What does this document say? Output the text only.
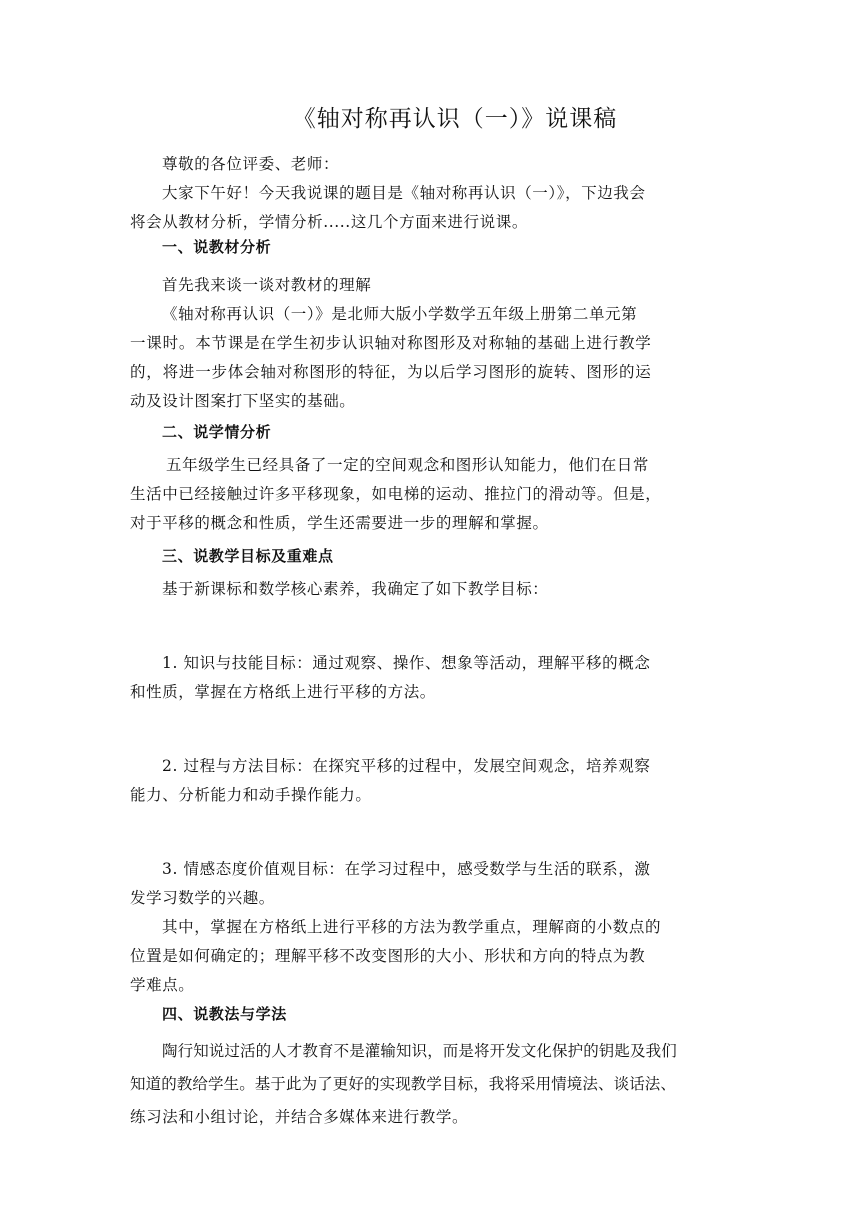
《轴对称再认识（一）》说课稿
尊敬的各位评委、老师：
大家下午好！今天我说课的题目是《轴对称再认识（一）》，下边我会
将会从教材分析，学情分析.....这几个方面来进行说课。
一、说教材分析
首先我来谈一谈对教材的理解
《轴对称再认识（一）》是北师大版小学数学五年级上册第二单元第
一课时。本节课是在学生初步认识轴对称图形及对称轴的基础上进行教学
的，将进一步体会轴对称图形的特征，为以后学习图形的旋转、图形的运
动及设计图案打下坚实的基础。
二、说学情分析
五年级学生已经具备了一定的空间观念和图形认知能力，他们在日常
生活中已经接触过许多平移现象，如电梯的运动、推拉门的滑动等。但是，
对于平移的概念和性质，学生还需要进一步的理解和掌握。
三、说教学目标及重难点
基于新课标和数学核心素养，我确定了如下教学目标：
1. 知识与技能目标：通过观察、操作、想象等活动，理解平移的概念
和性质，掌握在方格纸上进行平移的方法。
2. 过程与方法目标：在探究平移的过程中，发展空间观念，培养观察
能力、分析能力和动手操作能力。
3. 情感态度价值观目标：在学习过程中，感受数学与生活的联系，激
发学习数学的兴趣。
其中，掌握在方格纸上进行平移的方法为教学重点，理解商的小数点的
位置是如何确定的；理解平移不改变图形的大小、形状和方向的特点为教
学难点。
四、说教法与学法
陶行知说过活的人才教育不是灌输知识，而是将开发文化保护的钥匙及我们
知道的教给学生。基于此为了更好的实现教学目标，我将采用情境法、谈话法、
练习法和小组讨论，并结合多媒体来进行教学。
